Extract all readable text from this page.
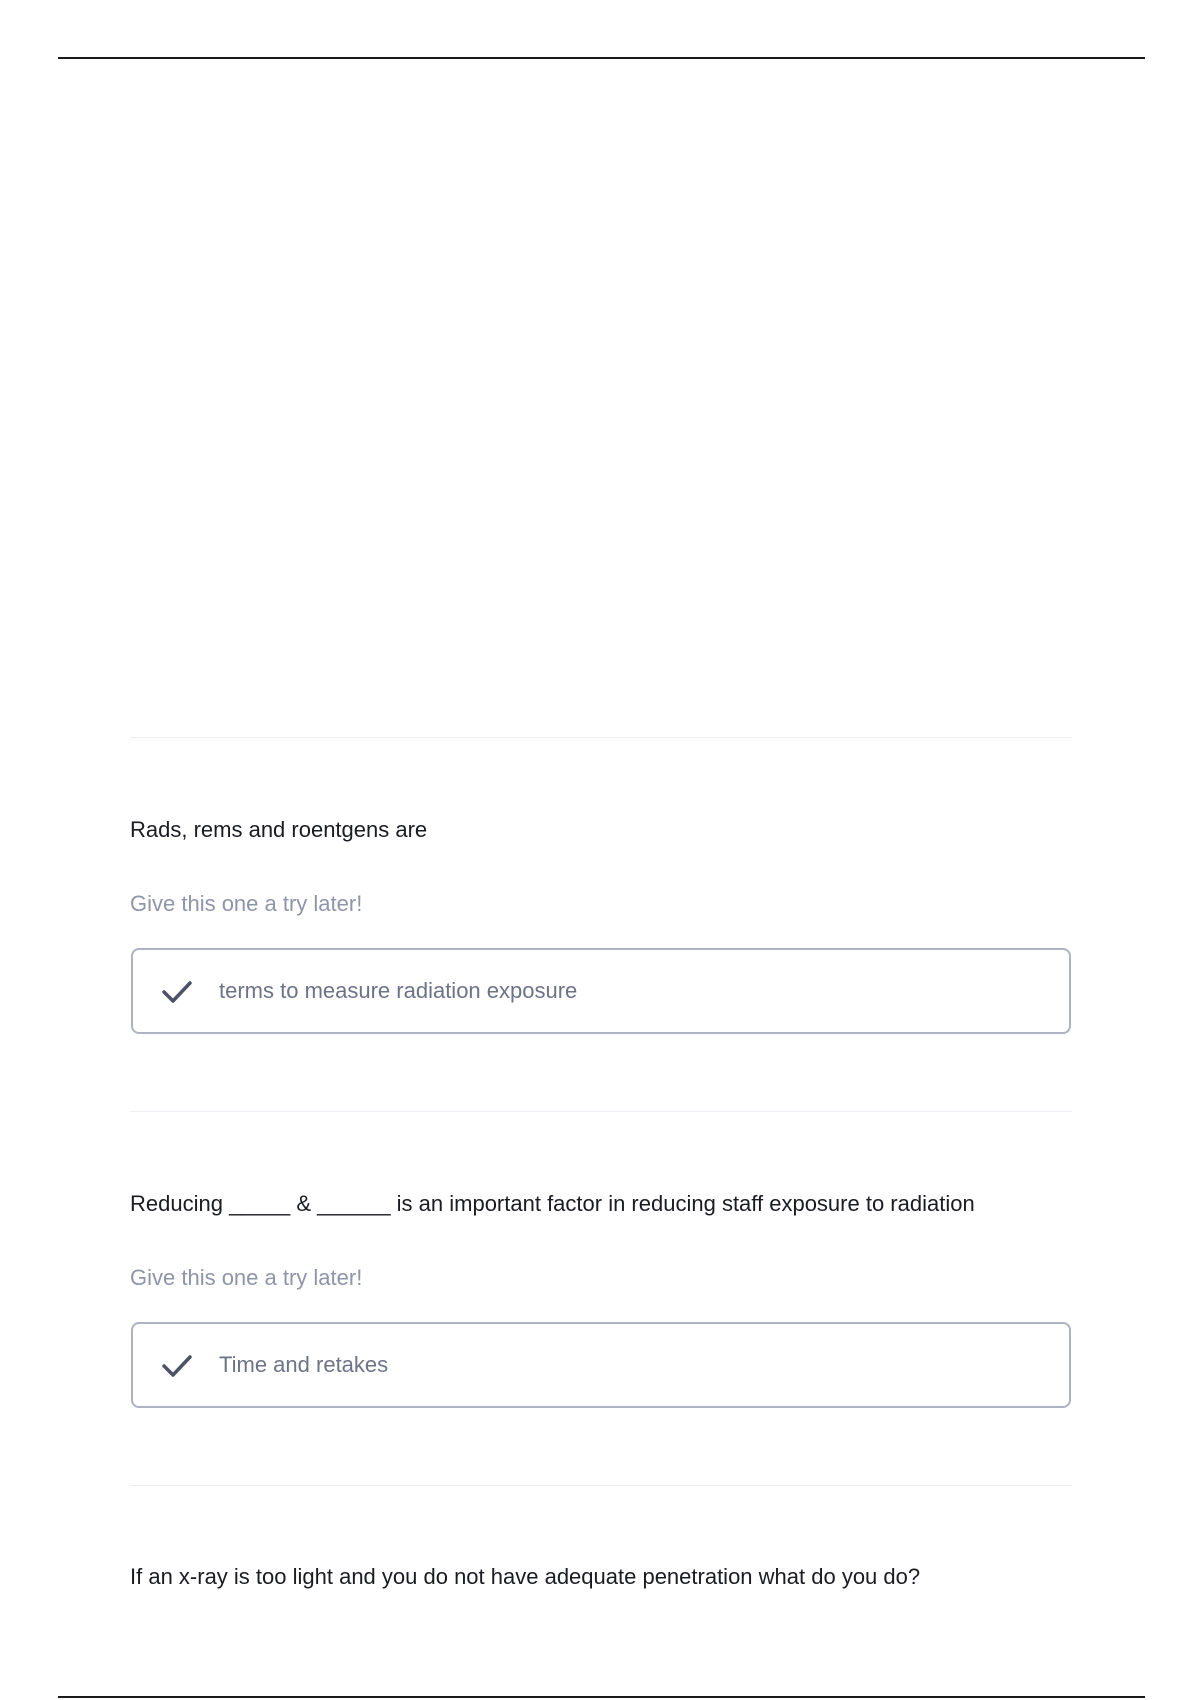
Rads, rems and roentgens are
Give this one a try later!
terms to measure radiation exposure
Reducing _____ & ______ is an important factor in reducing staff exposure to radiation
Give this one a try later!
Time and retakes
If an x-ray is too light and you do not have adequate penetration what do you do?
